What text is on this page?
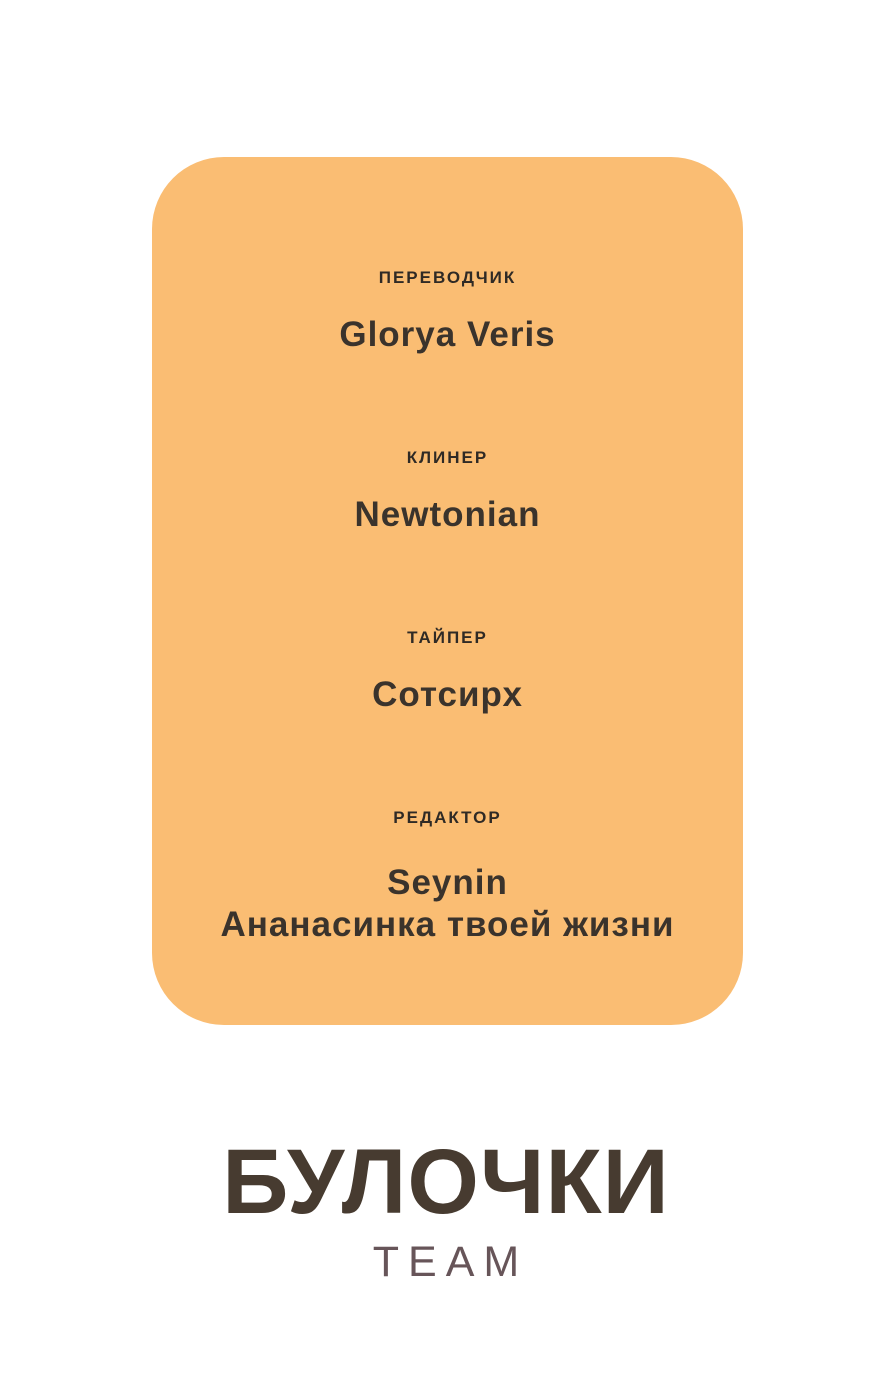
ПЕРЕВОДЧИК
Glorya Veris
КЛИНЕР
Newtonian
ТАЙПЕР
Сотсирх
РЕДАКТОР
Seynin
Ананасинка твоей жизни
БУЛОЧКИ
TEAM
